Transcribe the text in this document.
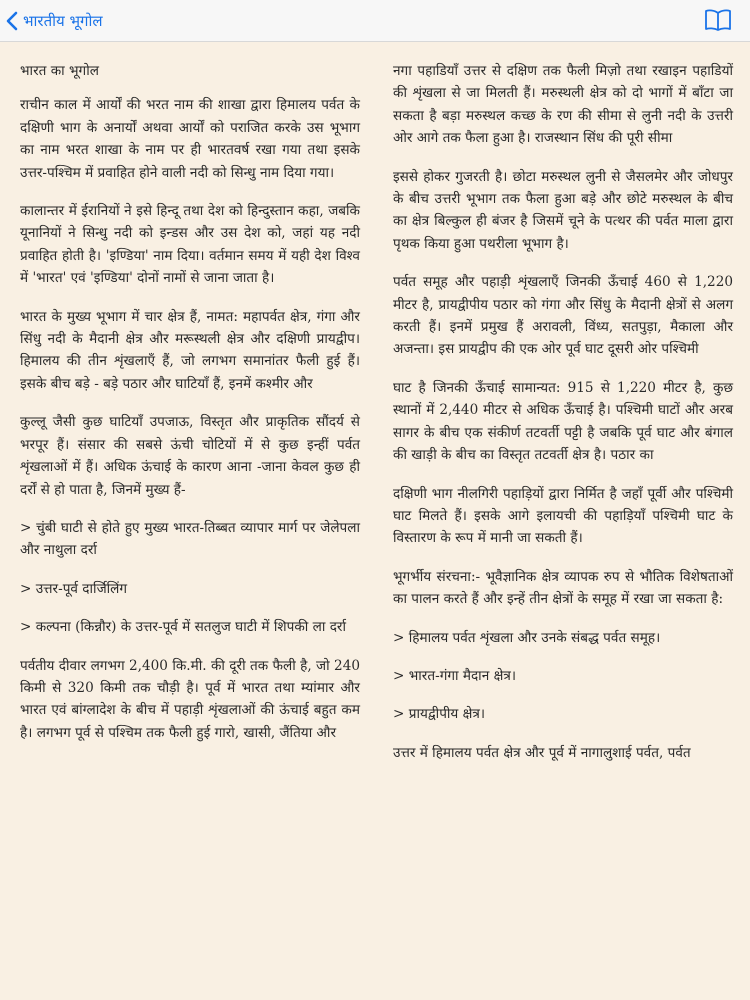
भारतीय भूगोल

भारत का भूगोल

राचीन काल में आर्यों की भरत नाम की शाखा द्वारा हिमालय पर्वत के दक्षिणी भाग के अनार्यों अथवा आर्यों को पराजित करके उस भूभाग का नाम भरत शाखा के नाम पर ही भारतवर्ष रखा गया तथा इसके उत्तर-पश्चिम में प्रवाहित होने वाली नदी को सिन्धु नाम दिया गया।

कालान्तर में ईरानियों ने इसे हिन्दू तथा देश को हिन्दुस्तान कहा, जबकि यूनानियों ने सिन्धु नदी को इन्डस और उस देश को, जहां यह नदी प्रवाहित होती है। 'इण्डिया' नाम दिया। वर्तमान समय में यही देश विश्व में 'भारत' एवं 'इण्डिया' दोनों नामों से जाना जाता है।

भारत के मुख्य भूभाग में चार क्षेत्र हैं, नामत: महापर्वत क्षेत्र, गंगा और सिंधु नदी के मैदानी क्षेत्र और मरूस्थली क्षेत्र और दक्षिणी प्रायद्वीप। हिमालय की तीन शृंखलाएँ हैं, जो लगभग समानांतर फैली हुई हैं। इसके बीच बड़े - बड़े पठार और घाटियाँ हैं, इनमें कश्मीर और

कुल्लू जैसी कुछ घाटियाँ उपजाऊ, विस्तृत और प्राकृतिक सौंदर्य से भरपूर हैं। संसार की सबसे ऊंची चोटियों में से कुछ इन्हीं पर्वत शृंखलाओं में हैं। अधिक ऊंचाई के कारण आना -जाना केवल कुछ ही दर्रों से हो पाता है, जिनमें मुख्य हैं-

> चुंबी घाटी से होते हुए मुख्य भारत-तिब्बत व्यापार मार्ग पर जेलेपला और नाथुला दर्रा

> उत्तर-पूर्व दार्जिलिंग

> कल्पना (किन्नौर) के उत्तर-पूर्व में सतलुज घाटी में शिपकी ला दर्रा

पर्वतीय दीवार लगभग 2,400 कि.मी. की दूरी तक फैली है, जो 240 किमी से 320 किमी तक चौड़ी है। पूर्व में भारत तथा म्यांमार और भारत एवं बांग्लादेश के बीच में पहाड़ी शृंखलाओं की ऊंचाई बहुत कम है। लगभग पूर्व से पश्चिम तक फैली हुई गारो, खासी, जैंतिया और

नगा पहाडियाँ उत्तर से दक्षिण तक फैली मिज़ो तथा रखाइन पहाडियों की शृंखला से जा मिलती हैं। मरुस्थली क्षेत्र को दो भागों में बाँटा जा सकता है बड़ा मरुस्थल कच्छ के रण की सीमा से लुनी नदी के उत्तरी ओर आगे तक फैला हुआ है। राजस्थान सिंध की पूरी सीमा

इससे होकर गुजरती है। छोटा मरुस्थल लुनी से जैसलमेर और जोधपुर के बीच उत्तरी भूभाग तक फैला हुआ बड़े और छोटे मरुस्थल के बीच का क्षेत्र बिल्कुल ही बंजर है जिसमें चूने के पत्थर की पर्वत माला द्वारा पृथक किया हुआ पथरीला भूभाग है।

पर्वत समूह और पहाड़ी शृंखलाएँ जिनकी ऊँचाई 460 से 1,220 मीटर है, प्रायद्वीपीय पठार को गंगा और सिंधु के मैदानी क्षेत्रों से अलग करती हैं। इनमें प्रमुख हैं अरावली, विंध्य, सतपुड़ा, मैकाला और अजन्ता। इस प्रायद्वीप की एक ओर पूर्व घाट दूसरी ओर पश्चिमी

घाट है जिनकी ऊँचाई सामान्यत: 915 से 1,220 मीटर है, कुछ स्थानों में 2,440 मीटर से अधिक ऊँचाई है। पश्चिमी घाटों और अरब सागर के बीच एक संकीर्ण तटवर्ती पट्टी है जबकि पूर्व घाट और बंगाल की खाड़ी के बीच का विस्तृत तटवर्ती क्षेत्र है। पठार का

दक्षिणी भाग नीलगिरी पहाड़ियों द्वारा निर्मित है जहाँ पूर्वी और पश्चिमी घाट मिलते हैं। इसके आगे इलायची की पहाड़ियाँ पश्चिमी घाट के विस्तारण के रूप में मानी जा सकती हैं।

भूगर्भीय संरचना:- भूवैज्ञानिक क्षेत्र व्यापक रुप से भौतिक विशेषताओं का पालन करते हैं और इन्हें तीन क्षेत्रों के समूह में रखा जा सकता है:

> हिमालय पर्वत शृंखला और उनके संबद्ध पर्वत समूह।

> भारत-गंगा मैदान क्षेत्र।

> प्रायद्वीपीय क्षेत्र।

उत्तर में हिमालय पर्वत क्षेत्र और पूर्व में नागालुशाई पर्वत, पर्वत
